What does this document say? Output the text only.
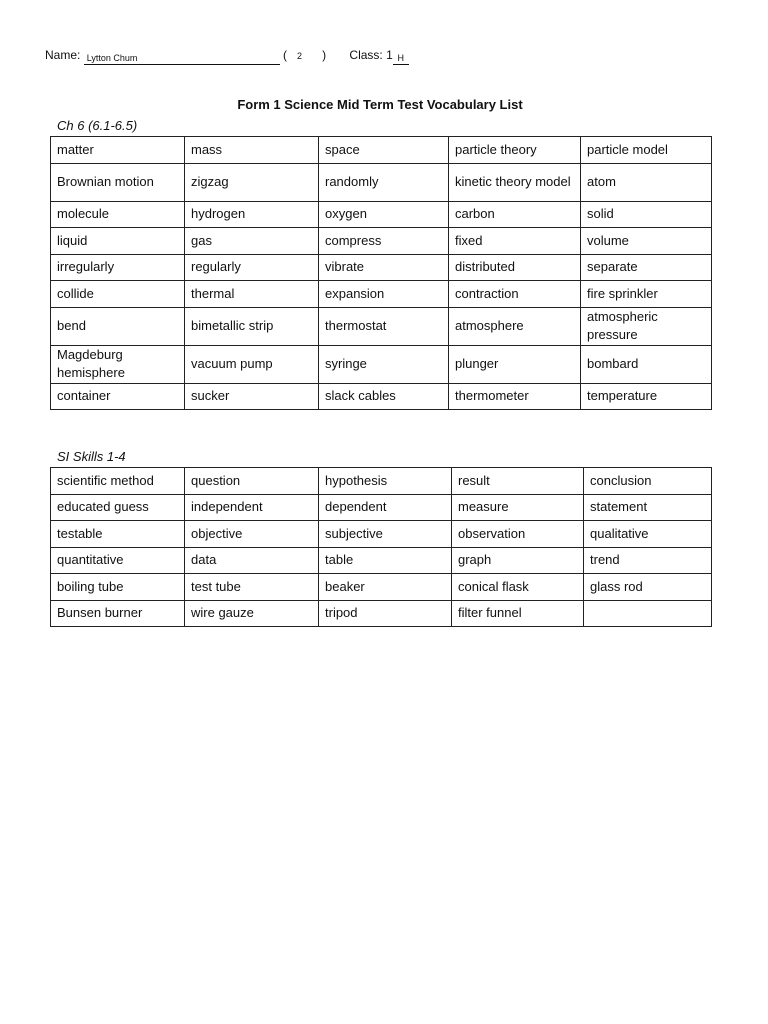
Name: Lytton Chum	( 2 ) Class: 1 H
Form 1 Science Mid Term Test Vocabulary List
Ch 6 (6.1-6.5)
matter	mass	space	particle theory	particle model
Brownian motion	zigzag	randomly	kinetic theory model	atom
molecule	hydrogen	oxygen	carbon	solid
liquid	gas	compress	fixed	volume
irregularly	regularly	vibrate	distributed	separate
collide	thermal	expansion	contraction	fire sprinkler
bend	bimetallic strip	thermostat	atmosphere	atmospheric pressure
Magdeburg hemisphere	vacuum pump	syringe	plunger	bombard
container	sucker	slack cables	thermometer	temperature
SI Skills 1-4
scientific method	question	hypothesis	result	conclusion
educated guess	independent	dependent	measure	statement
testable	objective	subjective	observation	qualitative
quantitative	data	table	graph	trend
boiling tube	test tube	beaker	conical flask	glass rod
Bunsen burner	wire gauze	tripod	filter funnel	
